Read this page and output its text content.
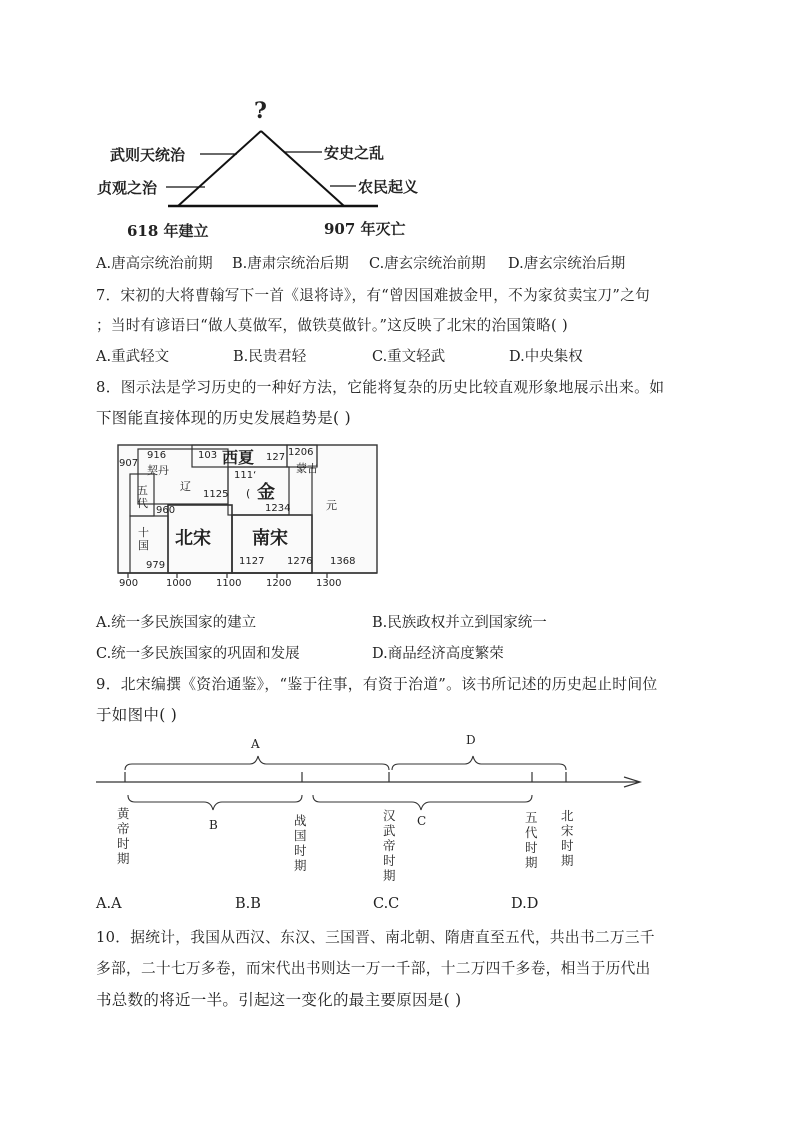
?
武则天统治
贞观之治
安史之乱
农民起义
618 年建立	907 年灭亡
A.唐高宗统治前期 B.唐肃宗统治后期 C.唐玄宗统治前期 D.唐玄宗统治后期
7．宋初的大将曹翰写下一首《退将诗》，有“曾因国难披金甲，不为家贫卖宝刀”之句
；当时有谚语曰“做人莫做军，做铁莫做针。”这反映了北宋的治国策略( )
A.重武轻文	B.民贵君轻	C.重文轻武	D.中央集权
8．图示法是学习历史的一种好方法，它能将复杂的历史比较直观形象地展示出来。如
下图能直接体现的历史发展趋势是( )
907
916
契丹
103 西夏 127 1206
蒙古
辽
111‘
金
(
五代
1125
元
960	1234
十国 北宋 南宋
979	1127 1276 1368
900	1000 1100 1200 1300
A.统一多民族国家的建立	B.民族政权并立到国家统一
C.统一多民族国家的巩固和发展	D.商品经济高度繁荣
9．北宋编撰《资治通鉴》，“鉴于往事，有资于治道”。该书所记述的历史起止时间位
于如图中( )
A	D
B	C
黄
帝
时
期
战
国
时
期
汉
武
帝
时
期
五
代
时
期
北
宋
时
期
A.A	B.B	C.C	D.D
10．据统计，我国从西汉、东汉、三国晋、南北朝、隋唐直至五代，共出书二万三千
多部，二十七万多卷，而宋代出书则达一万一千部，十二万四千多卷，相当于历代出
书总数的将近一半。引起这一变化的最主要原因是( )
